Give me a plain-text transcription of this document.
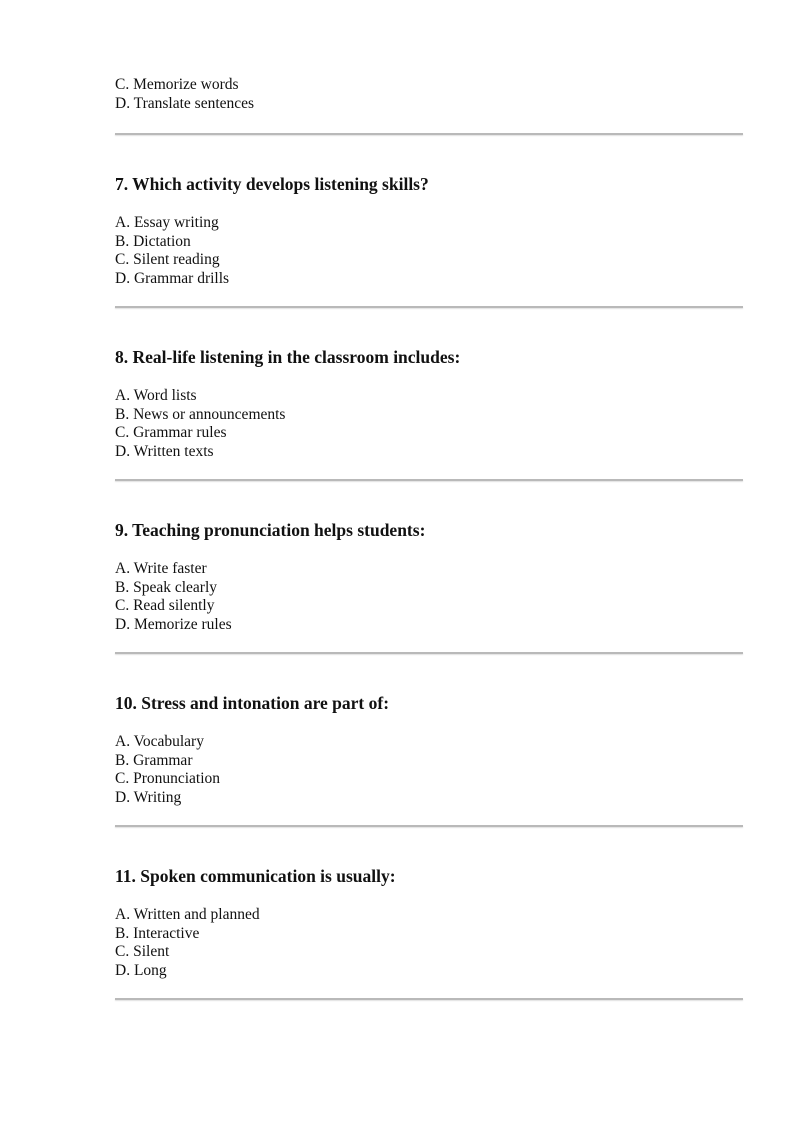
C. Memorize words
D. Translate sentences
7. Which activity develops listening skills?
A. Essay writing
B. Dictation
C. Silent reading
D. Grammar drills
8. Real-life listening in the classroom includes:
A. Word lists
B. News or announcements
C. Grammar rules
D. Written texts
9. Teaching pronunciation helps students:
A. Write faster
B. Speak clearly
C. Read silently
D. Memorize rules
10. Stress and intonation are part of:
A. Vocabulary
B. Grammar
C. Pronunciation
D. Writing
11. Spoken communication is usually:
A. Written and planned
B. Interactive
C. Silent
D. Long
